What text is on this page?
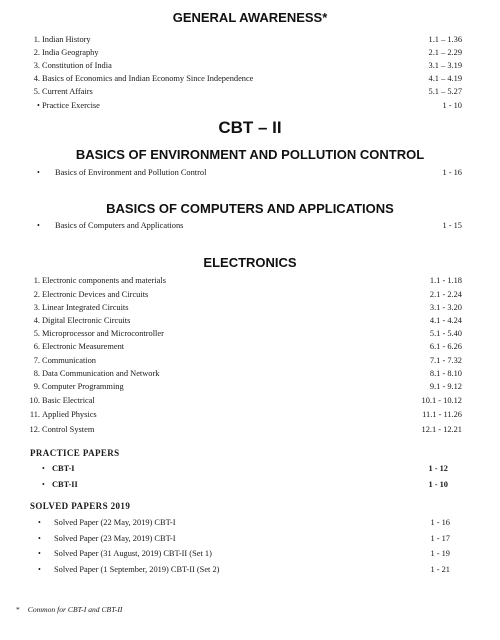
GENERAL AWARENESS*
1. Indian History	1.1 – 1.36
2. India Geography	2.1 – 2.29
3. Constitution of India	3.1 – 3.19
4. Basics of Economics and Indian Economy Since Independence	4.1 – 4.19
5. Current Affairs	5.1 – 5.27
• Practice Exercise	1 - 10
CBT – II
BASICS OF ENVIRONMENT AND POLLUTION CONTROL
• Basics of Environment and Pollution Control	1 - 16
BASICS OF COMPUTERS AND APPLICATIONS
• Basics of Computers and Applications	1 - 15
ELECTRONICS
1. Electronic components and materials	1.1 - 1.18
2. Electronic Devices and Circuits	2.1 - 2.24
3. Linear Integrated Circuits	3.1 - 3.20
4. Digital Electronic Circuits	4.1 - 4.24
5. Microprocessor and Microcontroller	5.1 - 5.40
6. Electronic Measurement	6.1 - 6.26
7. Communication	7.1 - 7.32
8. Data Communication and Network	8.1 - 8.10
9. Computer Programming	9.1 - 9.12
10. Basic Electrical	10.1 - 10.12
11. Applied Physics	11.1 - 11.26
12. Control System	12.1 - 12.21
PRACTICE PAPERS
• CBT-I	1 - 12
• CBT-II	1 - 10
SOLVED PAPERS 2019
• Solved Paper (22 May, 2019) CBT-I	1 - 16
• Solved Paper (23 May, 2019) CBT-I	1 - 17
• Solved Paper (31 August, 2019) CBT-II (Set 1)	1 - 19
• Solved Paper (1 September, 2019) CBT-II (Set 2)	1 - 21
* Common for CBT-I and CBT-II
